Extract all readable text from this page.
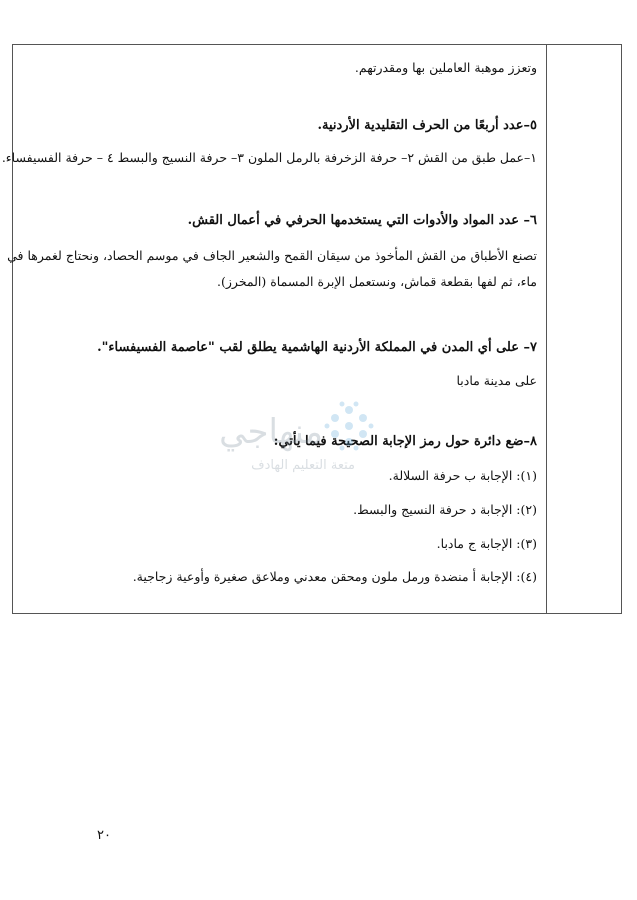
وتعزز موهبة العاملين بها ومقدرتهم.
٥–عدد أربعًا من الحرف التقليدية الأردنية.
١–عمل طبق من القش ٢– حرفة الزخرفة بالرمل الملون ٣– حرفة النسيج والبسط ٤ – حرفة الفسيفساء.
٦– عدد المواد والأدوات التي يستخدمها الحرفي في أعمال القش.
تصنع الأطباق من القش المأخوذ من سيقان القمح والشعير الجاف في موسم الحصاد، ونحتاج لغمرها في
ماء، ثم لفها بقطعة قماش، ونستعمل الإبرة المسماة (المخرز).
٧– على أي المدن في المملكة الأردنية الهاشمية يطلق لقب "عاصمة الفسيفساء".
على مدينة مادبا
٨–ضع دائرة حول رمز الإجابة الصحيحة فيما يأتي:
(١): الإجابة ب حرفة السلالة.
(٢): الإجابة د حرفة النسيج والبسط.
(٣): الإجابة ج مادبا.
(٤): الإجابة أ منضدة ورمل ملون ومحقن معدني وملاعق صغيرة وأوعية زجاجية.
منهاجي
متعة التعليم الهادف
٢٠
